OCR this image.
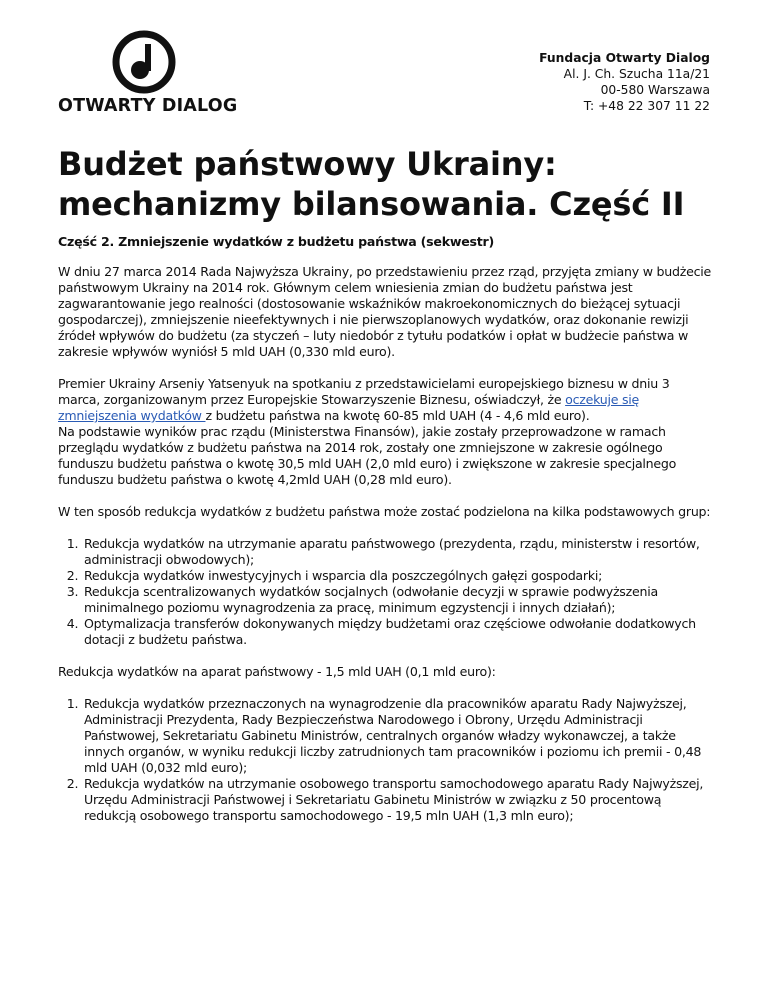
OTWARTY DIALOG
Fundacja Otwarty Dialog
Al. J. Ch. Szucha 11a/21
00-580 Warszawa
T: +48 22 307 11 22
Budżet państwowy Ukrainy: mechanizmy bilansowania. Część II

Część 2. Zmniejszenie wydatków z budżetu państwa (sekwestr)

W dniu 27 marca 2014 Rada Najwyższa Ukrainy, po przedstawieniu przez rząd, przyjęta zmiany w budżecie państwowym Ukrainy na 2014 rok. Głównym celem wniesienia zmian do budżetu państwa jest zagwarantowanie jego realności (dostosowanie wskaźników makroekonomicznych do bieżącej sytuacji gospodarczej), zmniejszenie nieefektywnych i nie pierwszoplanowych wydatków, oraz dokonanie rewizji źródeł wpływów do budżetu (za styczeń – luty niedobór z tytułu podatków i opłat w budżecie państwa w zakresie wpływów wyniósł 5 mld UAH (0,330 mld euro).

Premier Ukrainy Arseniy Yatsenyuk na spotkaniu z przedstawicielami europejskiego biznesu w dniu 3 marca, zorganizowanym przez Europejskie Stowarzyszenie Biznesu, oświadczył, że oczekuje się zmniejszenia wydatków z budżetu państwa na kwotę 60-85 mld UAH (4 - 4,6 mld euro).
Na podstawie wyników prac rządu (Ministerstwa Finansów), jakie zostały przeprowadzone w ramach przeglądu wydatków z budżetu państwa na 2014 rok, zostały one zmniejszone w zakresie ogólnego funduszu budżetu państwa o kwotę 30,5 mld UAH (2,0 mld euro) i zwiększone w zakresie specjalnego funduszu budżetu państwa o kwotę 4,2mld UAH (0,28 mld euro).

W ten sposób redukcja wydatków z budżetu państwa może zostać podzielona na kilka podstawowych grup:

1. Redukcja wydatków na utrzymanie aparatu państwowego (prezydenta, rządu, ministerstw i resortów, administracji obwodowych);
2. Redukcja wydatków inwestycyjnych i wsparcia dla poszczególnych gałęzi gospodarki;
3. Redukcja scentralizowanych wydatków socjalnych (odwołanie decyzji w sprawie podwyższenia minimalnego poziomu wynagrodzenia za pracę, minimum egzystencji i innych działań);
4. Optymalizacja transferów dokonywanych między budżetami oraz częściowe odwołanie dodatkowych dotacji z budżetu państwa.

Redukcja wydatków na aparat państwowy - 1,5 mld UAH (0,1 mld euro):

1. Redukcja wydatków przeznaczonych na wynagrodzenie dla pracowników aparatu Rady Najwyższej, Administracji Prezydenta, Rady Bezpieczeństwa Narodowego i Obrony, Urzędu Administracji Państwowej, Sekretariatu Gabinetu Ministrów, centralnych organów władzy wykonawczej, a także innych organów, w wyniku redukcji liczby zatrudnionych tam pracowników i poziomu ich premii - 0,48 mld UAH (0,032 mld euro);
2. Redukcja wydatków na utrzymanie osobowego transportu samochodowego aparatu Rady Najwyższej, Urzędu Administracji Państwowej i Sekretariatu Gabinetu Ministrów w związku z 50 procentową redukcją osobowego transportu samochodowego - 19,5 mln UAH (1,3 mln euro);
